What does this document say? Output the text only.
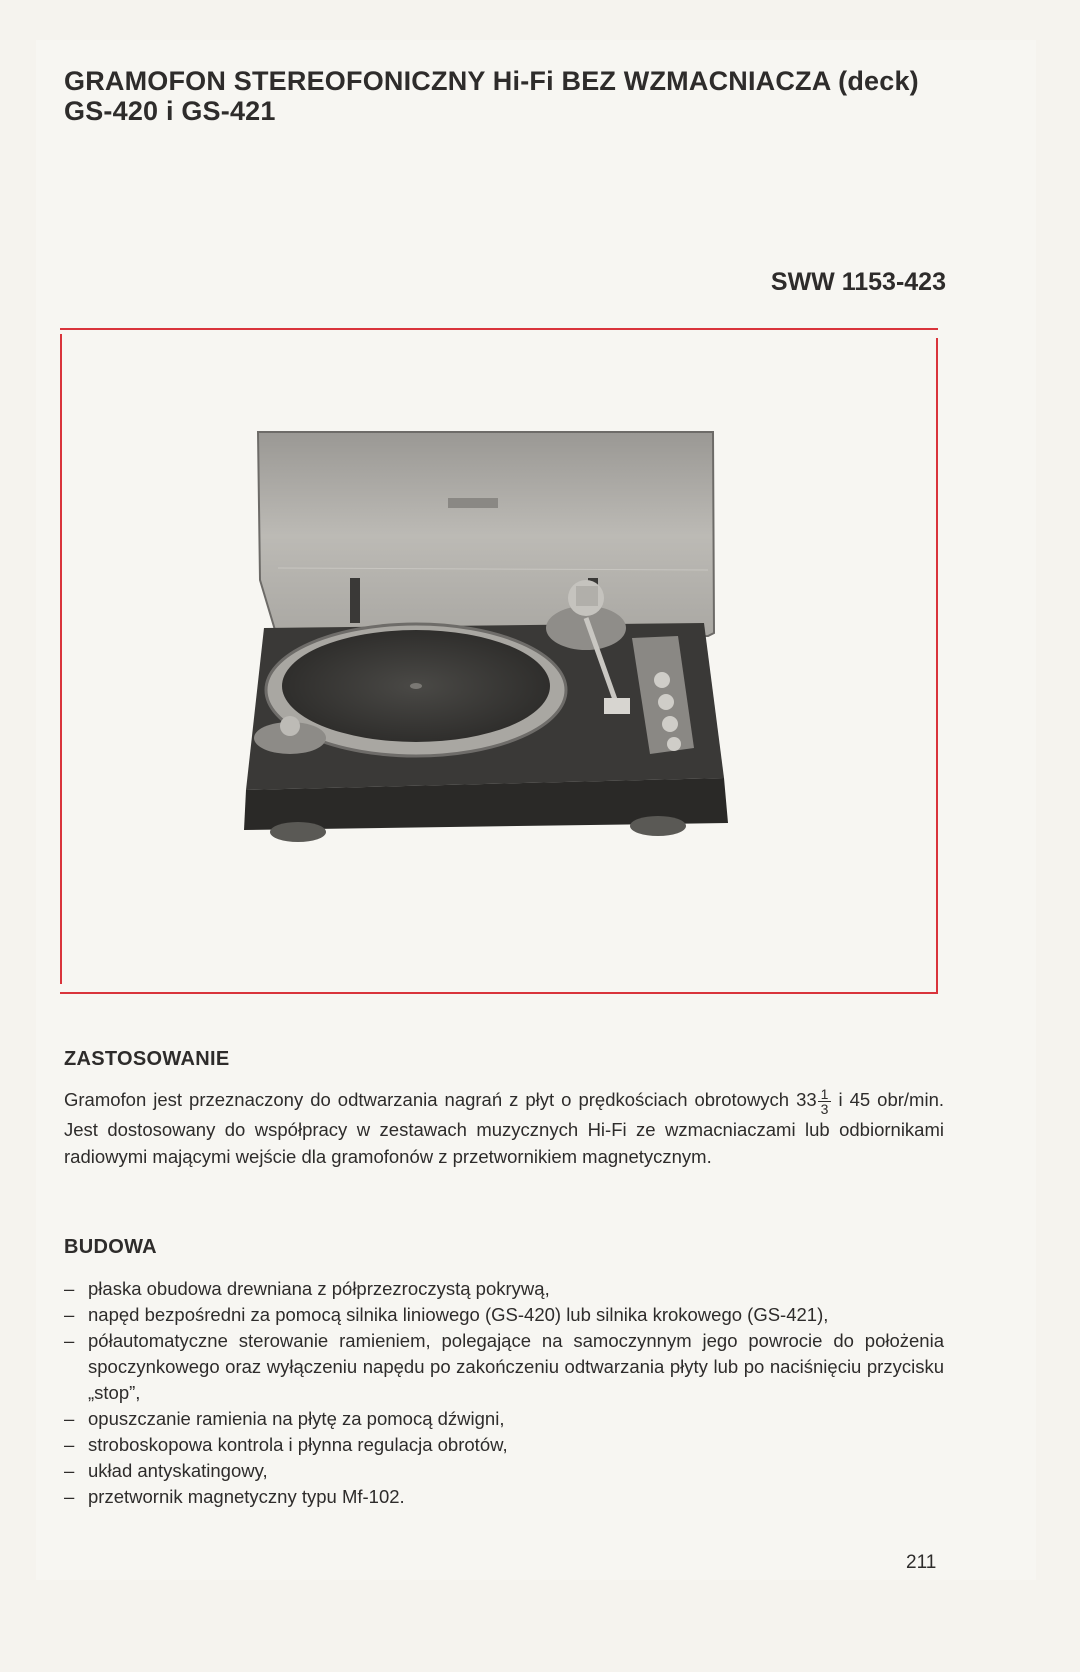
GRAMOFON STEREOFONICZNY Hi-Fi BEZ WZMACNIACZA (deck)
GS-420 i GS-421

SWW 1153-423

ZASTOSOWANIE

Gramofon jest przeznaczony do odtwarzania nagrań z płyt o prędkościach obrotowych $33 \frac{1}{3}$ i 45 obr/min. Jest dostosowany do współpracy w zestawach muzycznych Hi-Fi ze wzmacniaczami lub odbiornikami radiowymi mającymi wejście dla gramofonów z przetwornikiem magnetycznym.

BUDOWA
– płaska obudowa drewniana z półprzezroczystą pokrywą,
– napęd bezpośredni za pomocą silnika liniowego (GS-420) lub silnika krokowego (GS-421),
– półautomatyczne sterowanie ramieniem, polegające na samoczynnym jego powrocie do położenia spoczynkowego oraz wyłączeniu napędu po zakończeniu odtwarzania płyty lub po naciśnięciu przycisku „stop”,
– opuszczanie ramienia na płytę za pomocą dźwigni,
– stroboskopowa kontrola i płynna regulacja obrotów,
– układ antyskatingowy,
– przetwornik magnetyczny typu Mf-102.

211
